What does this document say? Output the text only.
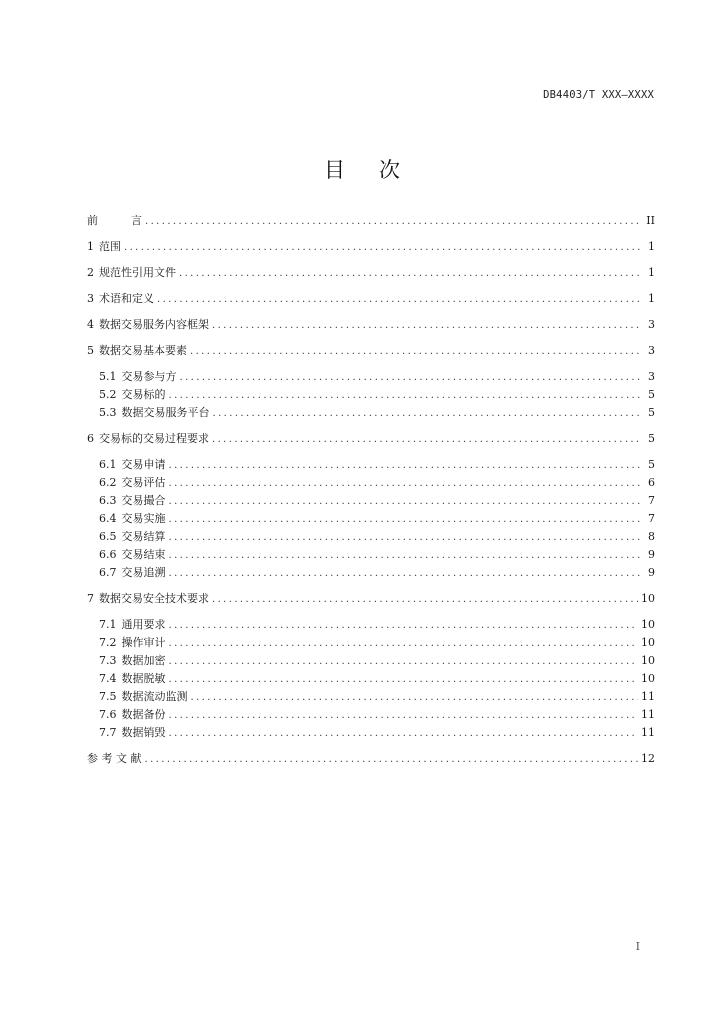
DB4403/T XXX—XXXX
目次
前　　　言 .....	II
1 范围 .....	1
2 规范性引用文件 .....	1
3 术语和定义 .....	1
4 数据交易服务内容框架 .....	3
5 数据交易基本要素 .....	3
5.1 交易参与方 .....	3
5.2 交易标的 .....	5
5.3 数据交易服务平台 .....	5
6 交易标的交易过程要求 .....	5
6.1 交易申请 .....	5
6.2 交易评估 .....	6
6.3 交易撮合 .....	7
6.4 交易实施 .....	7
6.5 交易结算 .....	8
6.6 交易结束 .....	9
6.7 交易追溯 .....	9
7 数据交易安全技术要求 .....	10
7.1 通用要求 .....	10
7.2 操作审计 .....	10
7.3 数据加密 .....	10
7.4 数据脱敏 .....	10
7.5 数据流动监测 .....	11
7.6 数据备份 .....	11
7.7 数据销毁 .....	11
参 考 文 献 .....	12
I
